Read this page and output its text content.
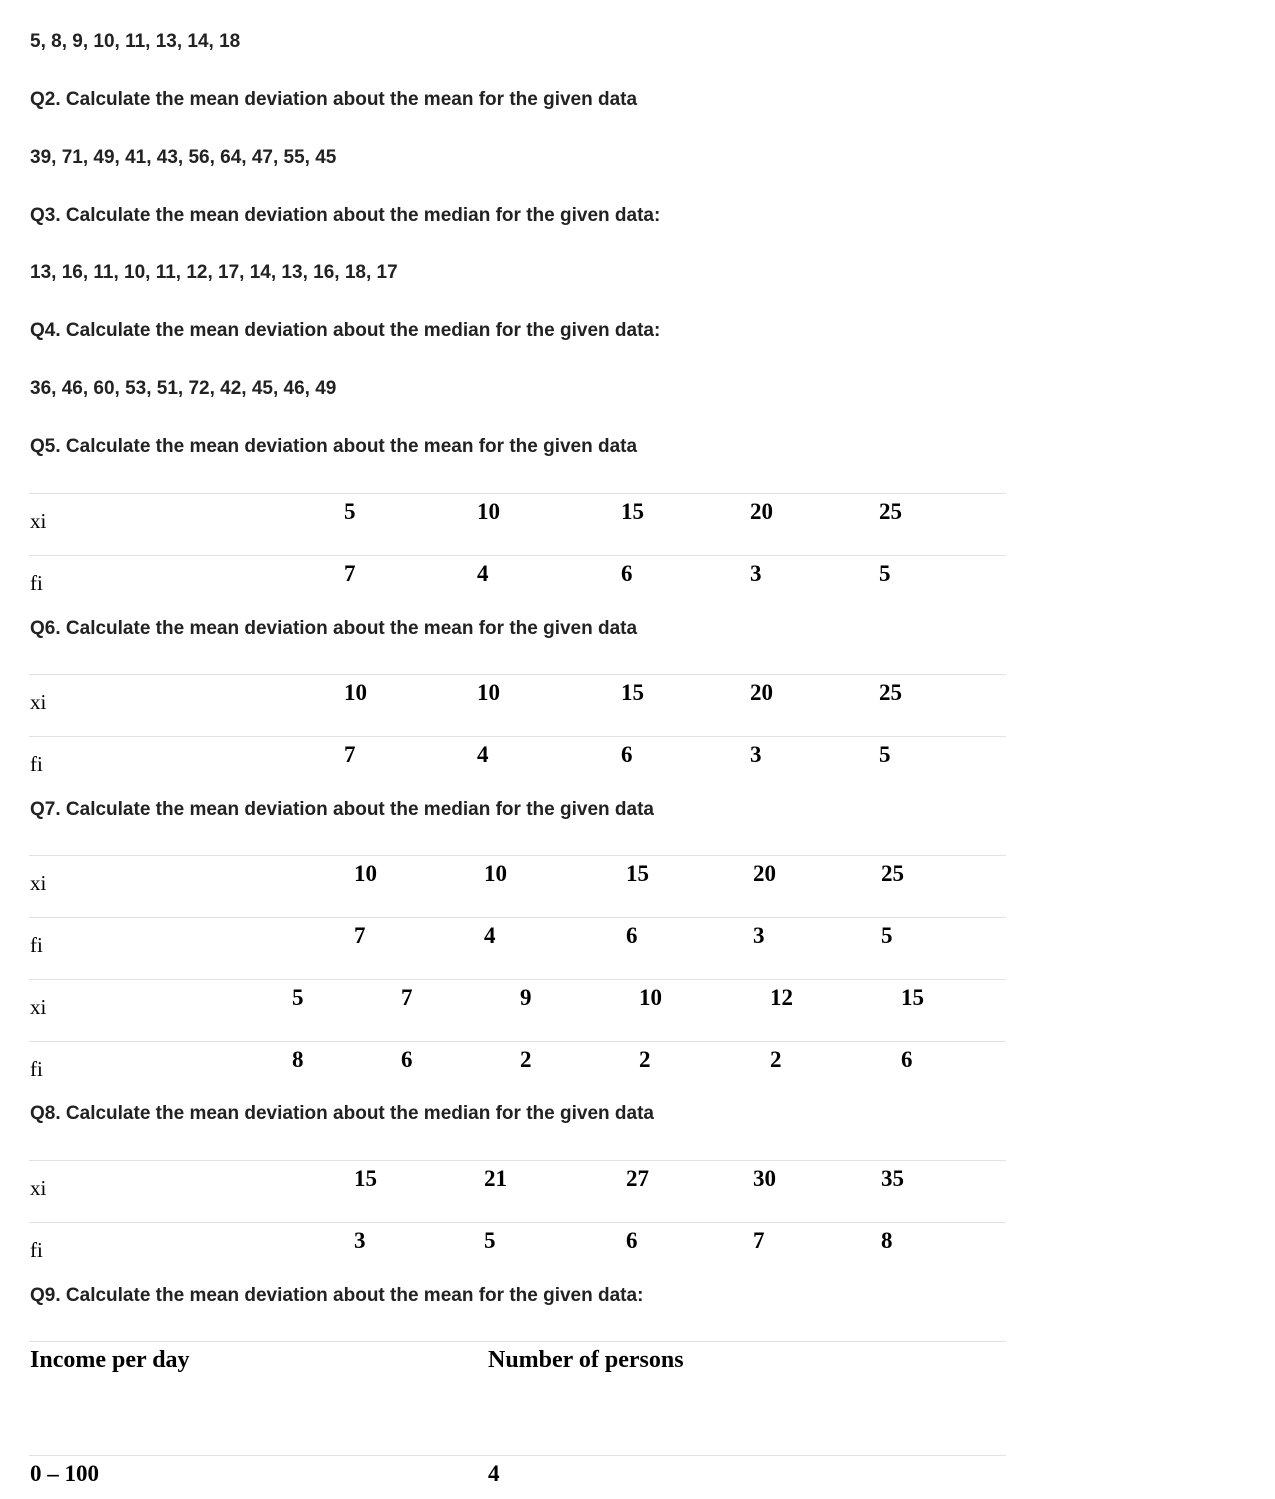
5, 8, 9, 10, 11, 13, 14, 18

Q2. Calculate the mean deviation about the mean for the given data

39, 71, 49, 41, 43, 56, 64, 47, 55, 45

Q3. Calculate the mean deviation about the median for the given data:

13, 16, 11, 10, 11, 12, 17, 14, 13, 16, 18, 17

Q4. Calculate the mean deviation about the median for the given data:

36, 46, 60, 53, 51, 72, 42, 45, 46, 49

Q5. Calculate the mean deviation about the mean for the given data

xi	5	10	15	20	25
fi	7	4	6	3	5

Q6. Calculate the mean deviation about the mean for the given data

xi	10	10	15	20	25
fi	7	4	6	3	5

Q7. Calculate the mean deviation about the median for the given data

xi	10	10	15	20	25
fi	7	4	6	3	5
xi	5	7	9	10	12	15
fi	8	6	2	2	2	6

Q8. Calculate the mean deviation about the median for the given data

xi	15	21	27	30	35
fi	3	5	6	7	8

Q9. Calculate the mean deviation about the mean for the given data:

Income per day	Number of persons
0 – 100	4
